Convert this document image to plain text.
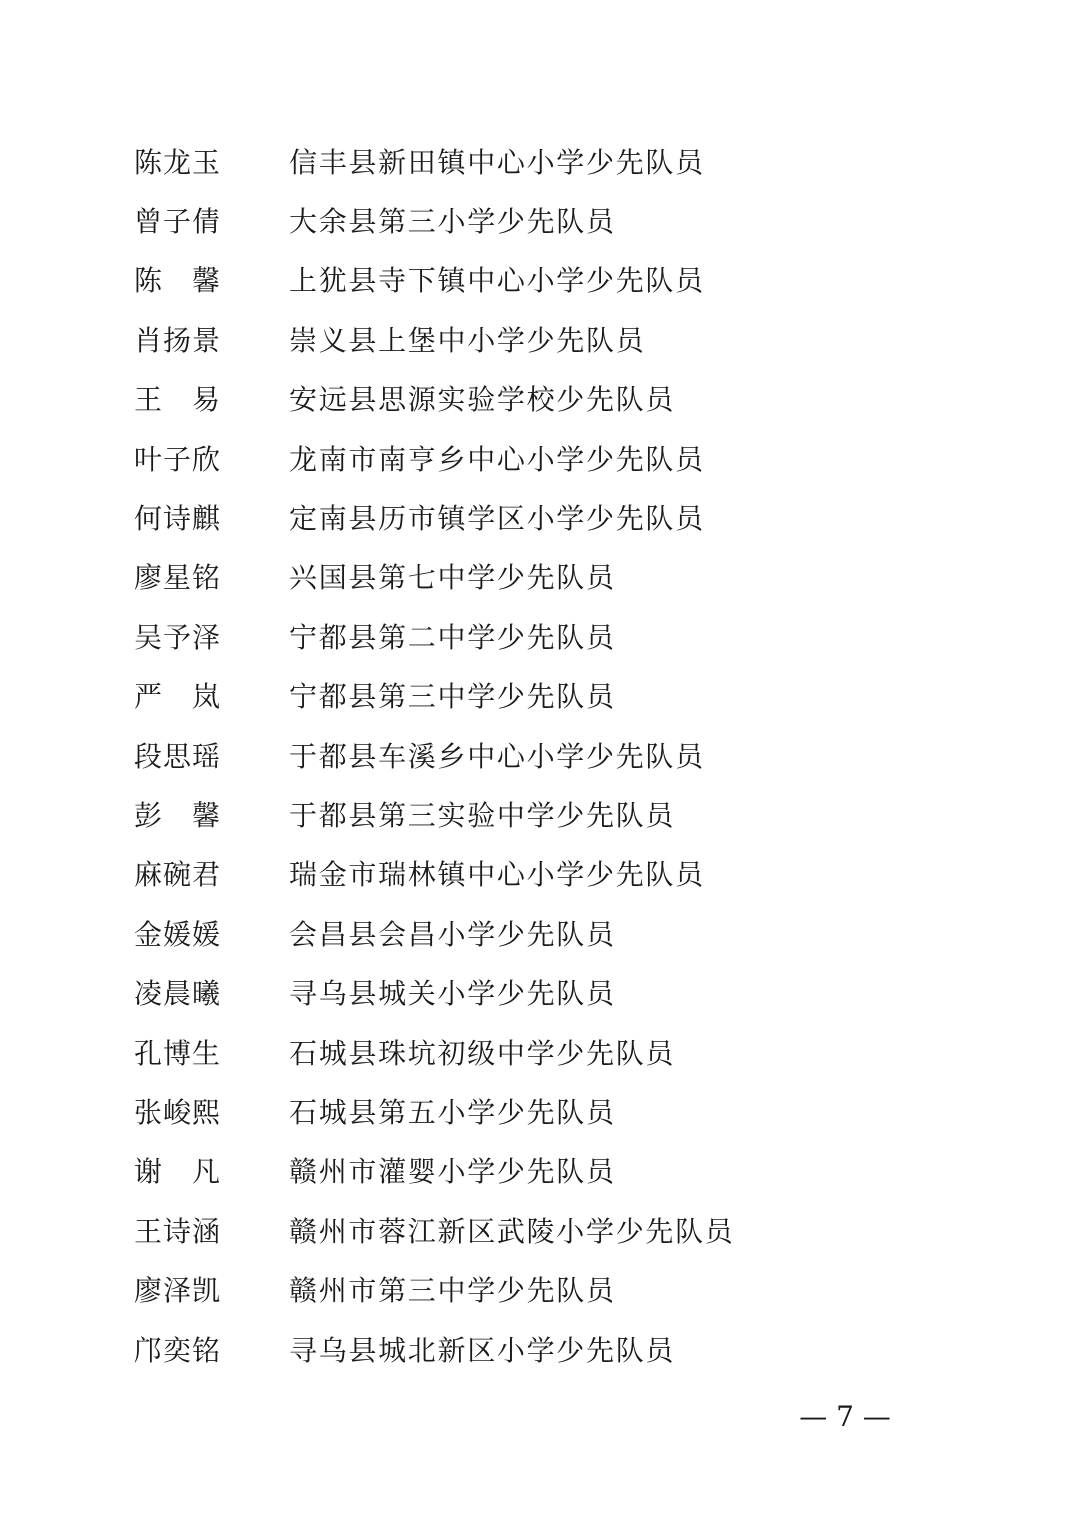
陈龙玉	信丰县新田镇中心小学少先队员
曾子倩	大余县第三小学少先队员
陈馨	上犹县寺下镇中心小学少先队员
肖扬景	崇义县上堡中小学少先队员
王易	安远县思源实验学校少先队员
叶子欣	龙南市南亨乡中心小学少先队员
何诗麒	定南县历市镇学区小学少先队员
廖星铭	兴国县第七中学少先队员
吴予泽	宁都县第二中学少先队员
严岚	宁都县第三中学少先队员
段思瑶	于都县车溪乡中心小学少先队员
彭馨	于都县第三实验中学少先队员
麻碗君	瑞金市瑞林镇中心小学少先队员
金媛媛	会昌县会昌小学少先队员
凌晨曦	寻乌县城关小学少先队员
孔博生	石城县珠坑初级中学少先队员
张峻熙	石城县第五小学少先队员
谢凡	赣州市灌婴小学少先队员
王诗涵	赣州市蓉江新区武陵小学少先队员
廖泽凯	赣州市第三中学少先队员
邝奕铭	寻乌县城北新区小学少先队员
— 7 —
